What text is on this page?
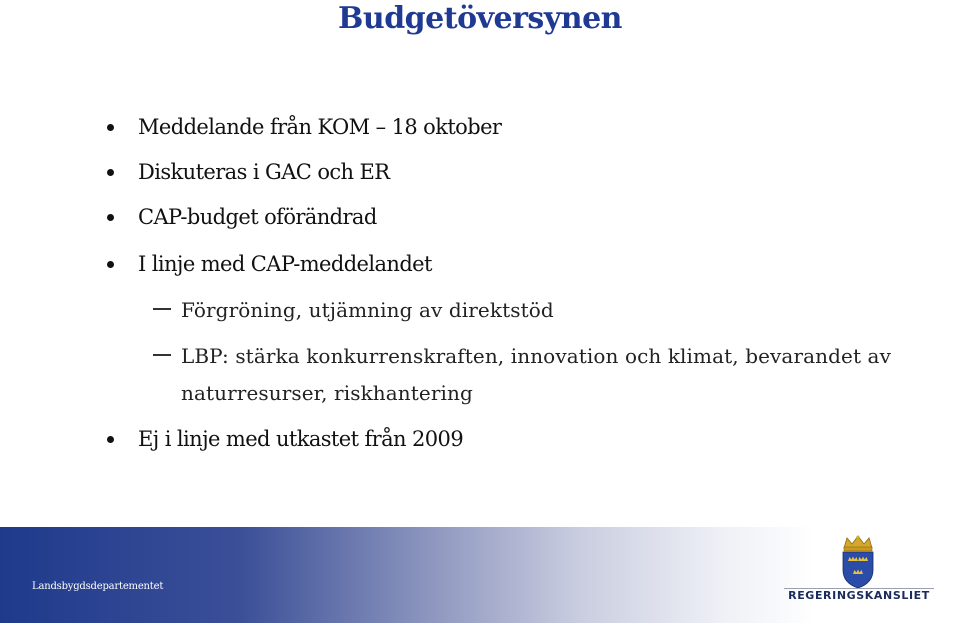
Budgetöversynen
Meddelande från KOM – 18 oktober
Diskuteras i GAC och ER
CAP-budget oförändrad
I linje med CAP-meddelandet
Förgröning, utjämning av direktstöd
LBP: stärka konkurrenskraften, innovation och klimat, bevarandet av
naturresurser, riskhantering
Ej i linje med utkastet från 2009
Landsbygdsdepartementet
REGERINGSKANSLIET
